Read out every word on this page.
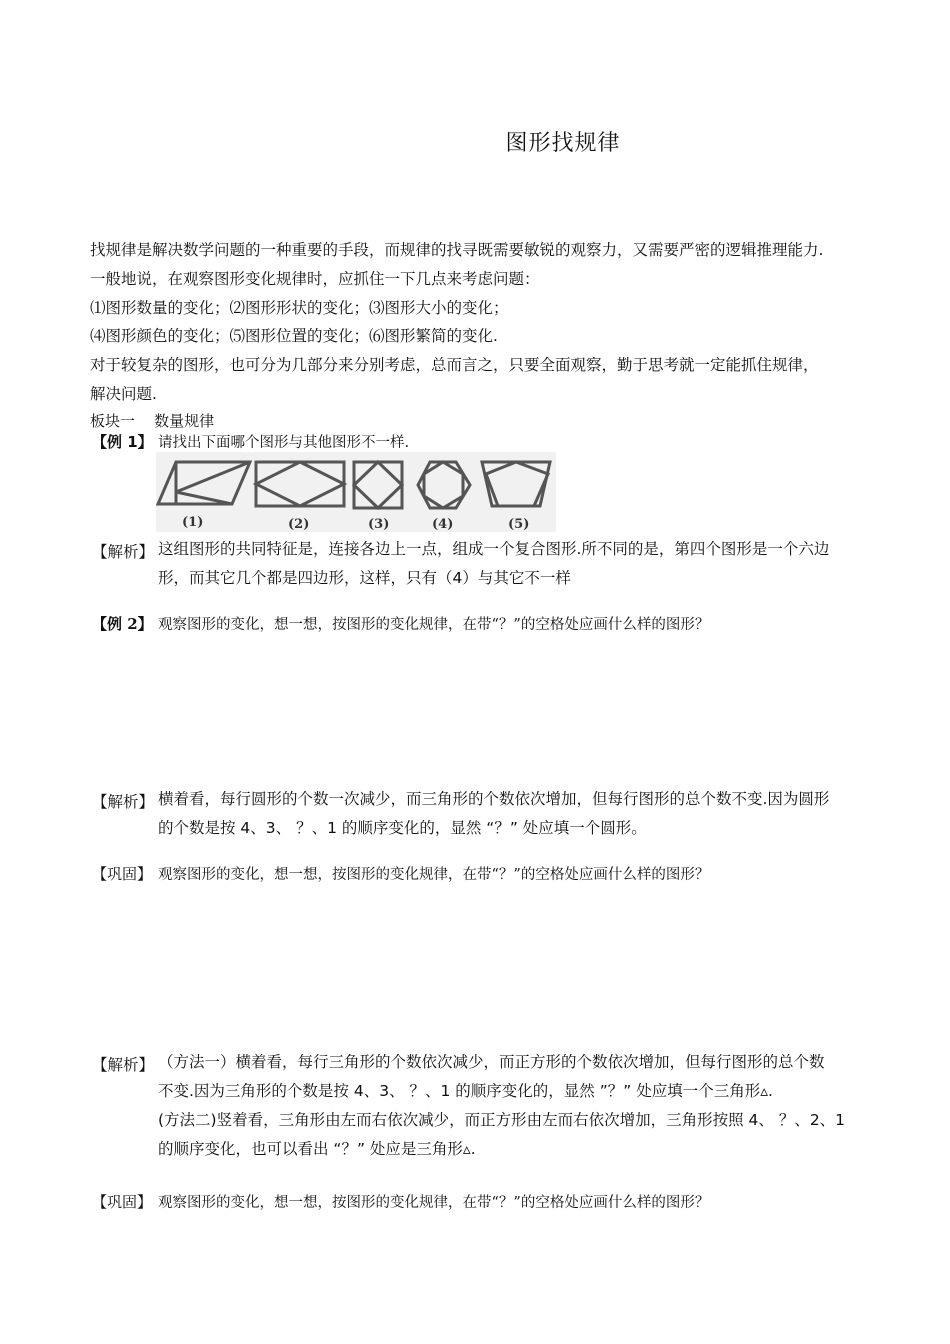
图形找规律
找规律是解决数学问题的一种重要的手段，而规律的找寻既需要敏锐的观察力，又需要严密的逻辑推理能力.
一般地说，在观察图形变化规律时，应抓住一下几点来考虑问题：
⑴图形数量的变化；⑵图形形状的变化；⑶图形大小的变化；
⑷图形颜色的变化；⑸图形位置的变化；⑹图形繁简的变化.
对于较复杂的图形，也可分为几部分来分别考虑，总而言之，只要全面观察，勤于思考就一定能抓住规律，
解决问题.
板块一    数量规律
【例 1】 请找出下面哪个图形与其他图形不一样.
(1)	(2)	(3)	(4)	(5)
【解析】 这组图形的共同特征是，连接各边上一点，组成一个复合图形.所不同的是，第四个图形是一个六边
形，而其它几个都是四边形，这样，只有（4）与其它不一样
【例 2】 观察图形的变化，想一想，按图形的变化规律，在带“？”的空格处应画什么样的图形？
【解析】 横着看，每行圆形的个数一次减少，而三角形的个数依次增加，但每行图形的总个数不变.因为圆形
的个数是按 4、3、 ？、1 的顺序变化的，显然 “？” 处应填一个圆形。
【巩固】 观察图形的变化，想一想，按图形的变化规律，在带“？”的空格处应画什么样的图形？
【解析】 （方法一）横着看，每行三角形的个数依次减少，而正方形的个数依次增加，但每行图形的总个数
不变.因为三角形的个数是按 4、3、 ？、1 的顺序变化的，显然 ”？” 处应填一个三角形▵.
(方法二)竖着看，三角形由左而右依次减少，而正方形由左而右依次增加，三角形按照 4、 ？、2、1
的顺序变化，也可以看出 “？” 处应是三角形▵.
【巩固】 观察图形的变化，想一想，按图形的变化规律，在带“？”的空格处应画什么样的图形？
